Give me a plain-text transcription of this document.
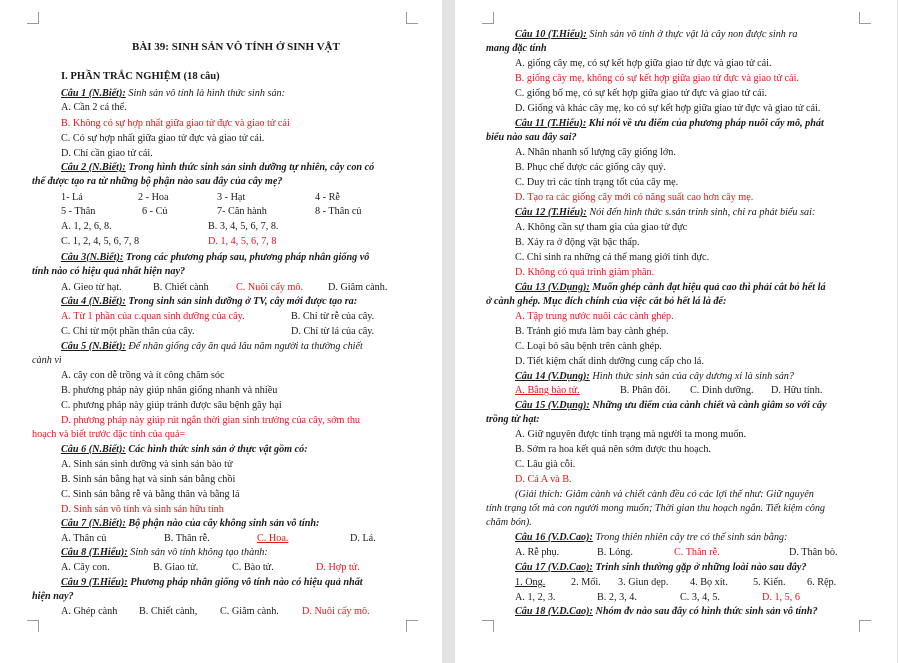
BÀI 39: SINH SẢN VÔ TÍNH Ở SINH VẬT
I. PHẦN TRẮC NGHIỆM (18 câu)
Câu 1 (N.Biết): Sinh sản vô tính là hình thức sinh sản:
A. Cần 2 cá thể.
B. Không có sự hợp nhất giữa giao tử đực và giao tử cái
C. Có sự hợp nhất giữa giao tử đực và giao tử cái.
D. Chỉ cần giao tử cái.
Câu 2 (N.Biết): Trong hình thức sinh sản sinh dưỡng tự nhiên, cây con có
thể được tạo ra từ những bộ phận nào sau đây của cây mẹ?
1- Lá	2 - Hoa	3 - Hạt	4 - Rễ
5 - Thân	6 - Củ	7- Căn hành	8 - Thân củ
A. 1, 2, 6, 8.	B. 3, 4, 5, 6, 7, 8.
C. 1, 2, 4, 5, 6, 7, 8	D. 1, 4, 5, 6, 7, 8
Câu 3(N.Biết): Trong các phương pháp sau, phương pháp nhân giống vô
tính nào có hiệu quả nhất hiện nay?
A. Gieo từ hạt.	B. Chiết cành	C. Nuôi cấy mô. D. Giâm cành.
Câu 4 (N.Biết): Trong sinh sản sinh dưỡng ở TV, cây mới được tạo ra:
A. Từ 1 phần của c.quan sinh dưỡng của cây.	B. Chỉ từ rễ của cây.
C. Chỉ từ một phần thân của cây.	D. Chỉ từ lá của cây.
Câu 5 (N.Biết): Để nhân giống cây ăn quả lâu năm người ta thường chiết
cành vì
A. cây con dễ trồng và ít công chăm sóc
B. phương pháp này giúp nhân giống nhanh và nhiều
C. phương pháp này giúp tránh được sâu bệnh gây hại
D. phương pháp này giúp rút ngắn thời gian sinh trưởng của cây, sớm thu
hoạch và biết trước đặc tính của quả=
Câu 6 (N.Biết): Các hình thức sinh sản ở thực vật gồm có:
A. Sinh sản sinh dưỡng và sinh sản bào tử
B. Sinh sản bằng hạt và sinh sản bằng chồi
C. Sinh sản bằng rễ và bằng thân và bằng lá
D. Sinh sản vô tính và sinh sản hữu tính
Câu 7 (N.Biết): Bộ phận nào của cây không sinh sản vô tính:
A. Thân củ	B. Thân rễ.	C. Hoa.	D. Lá.
Câu 8 (T.Hiểu): Sinh sản vô tính không tạo thành:
A. Cây con.	B. Giao tử.	C. Bào tử.	D. Hợp tử.
Câu 9 (T.Hiểu): Phương pháp nhân giống vô tính nào có hiệu quả nhất
hiện nay?
A. Ghép cành B. Chiết cành, C. Giâm cành. D. Nuôi cấy mô.
Câu 10 (T.Hiểu): Sinh sản vô tính ở thực vật là cây non được sinh ra
mang đặc tính
A. giống cây mẹ, có sự kết hợp giữa giao tử đực và giao tử cái.
B. giống cây mẹ, không có sự kết hợp giữa giao tử đực và giao tử cái.
C. giống bố mẹ, có sự kết hợp giữa giao tử đực và giao tử cái.
D. Giống và khác cây mẹ, ko có sự kết hợp giữa giao tử đực và giao tử cái.
Câu 11 (T.Hiểu): Khi nói về ưu điểm của phương pháp nuôi cấy mô, phát
biểu nào sau đây sai?
A. Nhân nhanh số lượng cây giống lớn.
B. Phục chế được các giống cây quý.
C. Duy trì các tính trạng tốt của cây mẹ.
D. Tạo ra các giống cây mới có năng suất cao hơn cây mẹ.
Câu 12 (T.Hiểu): Nói đến hình thức s.sản trinh sinh, chỉ ra phát biểu sai:
A. Không cần sự tham gia của giao tử đực
B. Xảy ra ở động vật bậc thấp.
C. Chỉ sinh ra những cá thể mang giới tính đực.
D. Không có quá trình giảm phân.
Câu 13 (V.Dụng): Muốn ghép cành đạt hiệu quả cao thì phải cắt bỏ hết lá
ở cành ghép. Mục đích chính của việc cắt bỏ hết lá là để:
A. Tập trung nước nuôi các cành ghép.
B. Tránh gió mưa làm bay cành ghép.
C. Loại bỏ sâu bệnh trên cành ghép.
D. Tiết kiệm chất dinh dưỡng cung cấp cho lá.
Câu 14 (V.Dụng): Hình thức sinh sản của cây dương xỉ là sinh sản?
A. Bằng bào tử.	B. Phân đôi. C. Dinh dưỡng. D. Hữu tính.
Câu 15 (V.Dụng): Những ưu điểm của cành chiết và cành giâm so với cây
trồng từ hạt:
A. Giữ nguyên được tính trạng mà người ta mong muốn.
B. Sớm ra hoa kết quả nên sớm được thu hoạch.
C. Lâu già cỗi.
D. Cả A và B.
(Giải thích: Giâm cành và chiết cành đều có các lợi thế như: Giữ nguyên
tính trạng tốt mà con người mong muốn; Thời gian thu hoạch ngắn. Tiết kiệm công
chăm bón).
Câu 16 (V.D.Cao): Trong thiên nhiên cây tre có thể sinh sản bằng:
A. Rễ phụ.	B. Lóng.	C. Thân rễ.	D. Thân bò.
Câu 17 (V.D.Cao): Trinh sinh thường gặp ở những loài nào sau đây?
1. Ong.	2. Mối. 3. Giun dẹp. 4. Bọ xít. 5. Kiến. 6. Rệp.
A. 1, 2, 3.	B. 2, 3, 4.	C. 3, 4, 5.	D. 1, 5, 6
Câu 18 (V.D.Cao): Nhóm đv nào sau đây có hình thức sinh sản vô tính?
